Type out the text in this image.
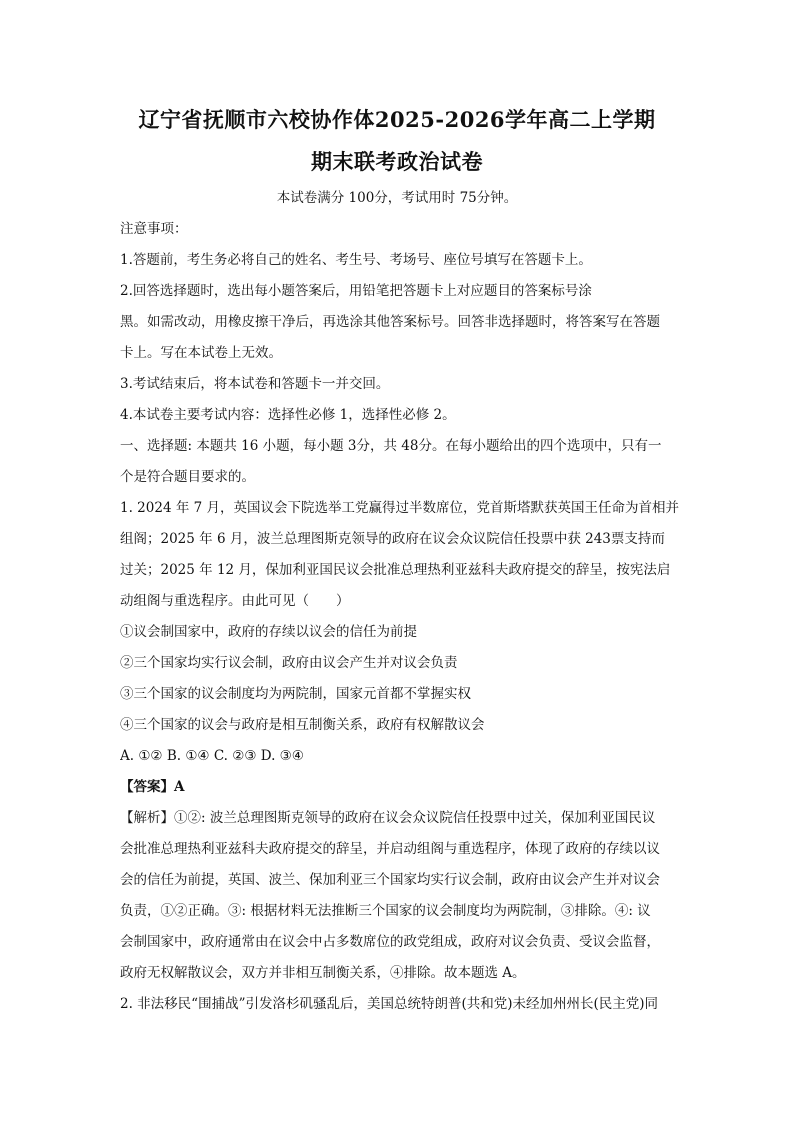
辽宁省抚顺市六校协作体2025-2026学年高二上学期
期末联考政治试卷
本试卷满分 100分，考试用时 75分钟。
注意事项：
1.答题前，考生务必将自己的姓名、考生号、考场号、座位号填写在答题卡上。
2.回答选择题时，选出每小题答案后，用铅笔把答题卡上对应题目的答案标号涂
黑。如需改动，用橡皮擦干净后，再选涂其他答案标号。回答非选择题时，将答案写在答题
卡上。写在本试卷上无效。
3.考试结束后，将本试卷和答题卡一并交回。
4.本试卷主要考试内容：选择性必修 1，选择性必修 2。
一、选择题: 本题共 16 小题，每小题 3分，共 48分。在每小题给出的四个选项中，只有一
个是符合题目要求的。
1. 2024 年 7 月，英国议会下院选举工党赢得过半数席位，党首斯塔默获英国王任命为首相并
组阁；2025 年 6 月，波兰总理图斯克领导的政府在议会众议院信任投票中获 243票支持而
过关；2025 年 12 月，保加利亚国民议会批准总理热利亚兹科夫政府提交的辞呈，按宪法启
动组阁与重选程序。由此可见（　　）
①议会制国家中，政府的存续以议会的信任为前提
②三个国家均实行议会制，政府由议会产生并对议会负责
③三个国家的议会制度均为两院制，国家元首都不掌握实权
④三个国家的议会与政府是相互制衡关系，政府有权解散议会
A. ①② B. ①④ C. ②③ D. ③④
【答案】A
【解析】①②: 波兰总理图斯克领导的政府在议会众议院信任投票中过关，保加利亚国民议
会批准总理热利亚兹科夫政府提交的辞呈，并启动组阁与重选程序，体现了政府的存续以议
会的信任为前提，英国、波兰、保加利亚三个国家均实行议会制，政府由议会产生并对议会
负责，①②正确。③: 根据材料无法推断三个国家的议会制度均为两院制，③排除。④: 议
会制国家中，政府通常由在议会中占多数席位的政党组成，政府对议会负责、受议会监督，
政府无权解散议会，双方并非相互制衡关系，④排除。故本题选 A。
2. 非法移民“围捕战”引发洛杉矶骚乱后，美国总统特朗普(共和党)未经加州州长(民主党)同
